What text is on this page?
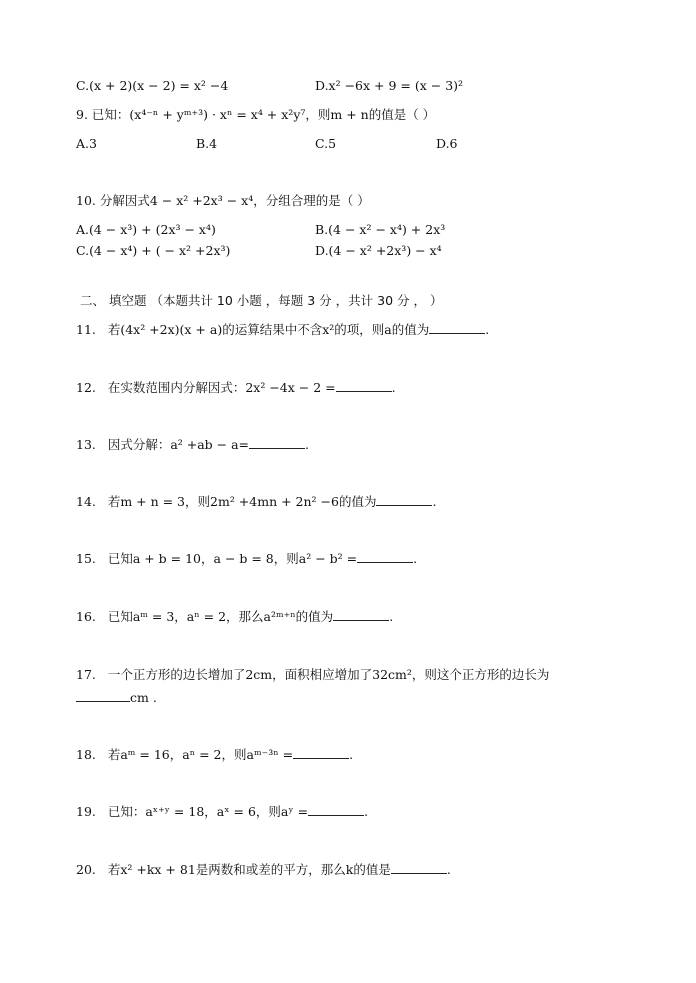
C.(x + 2)(x − 2) = x² −4	D.x² −6x + 9 = (x − 3)²
9. 已知：(x⁴⁻ⁿ + yᵐ⁺³) · xⁿ = x⁴ + x²y⁷，则m + n的值是（ ）
A.3	B.4	C.5	D.6
10. 分解因式4 − x² +2x³ − x⁴，分组合理的是（ ）
A.(4 − x³) + (2x³ − x⁴)	B.(4 − x² − x⁴) + 2x³
C.(4 − x⁴) + ( − x² +2x³)	D.(4 − x² +2x³) − x⁴
二、 填空题 （本题共计 10 小题 ，每题 3 分 ，共计 30 分 ， ）
11. 若(4x² +2x)(x + a)的运算结果中不含x²的项，则a的值为	.
12. 在实数范围内分解因式：2x² −4x − 2 =	.
13. 因式分解：a² +ab − a=	.
14. 若m + n = 3，则2m² +4mn + 2n² −6的值为	.
15. 已知a + b = 10，a − b = 8，则a² − b² =	.
16. 已知aᵐ = 3，aⁿ = 2，那么a²ᵐ⁺ⁿ的值为	.
17. 一个正方形的边长增加了2cm，面积相应增加了32cm²，则这个正方形的边长为
cm .
18. 若aᵐ = 16，aⁿ = 2，则aᵐ⁻³ⁿ =	.
19. 已知：aˣ⁺ʸ = 18，aˣ = 6，则aʸ =	.
20. 若x² +kx + 81是两数和或差的平方，那么k的值是	.
